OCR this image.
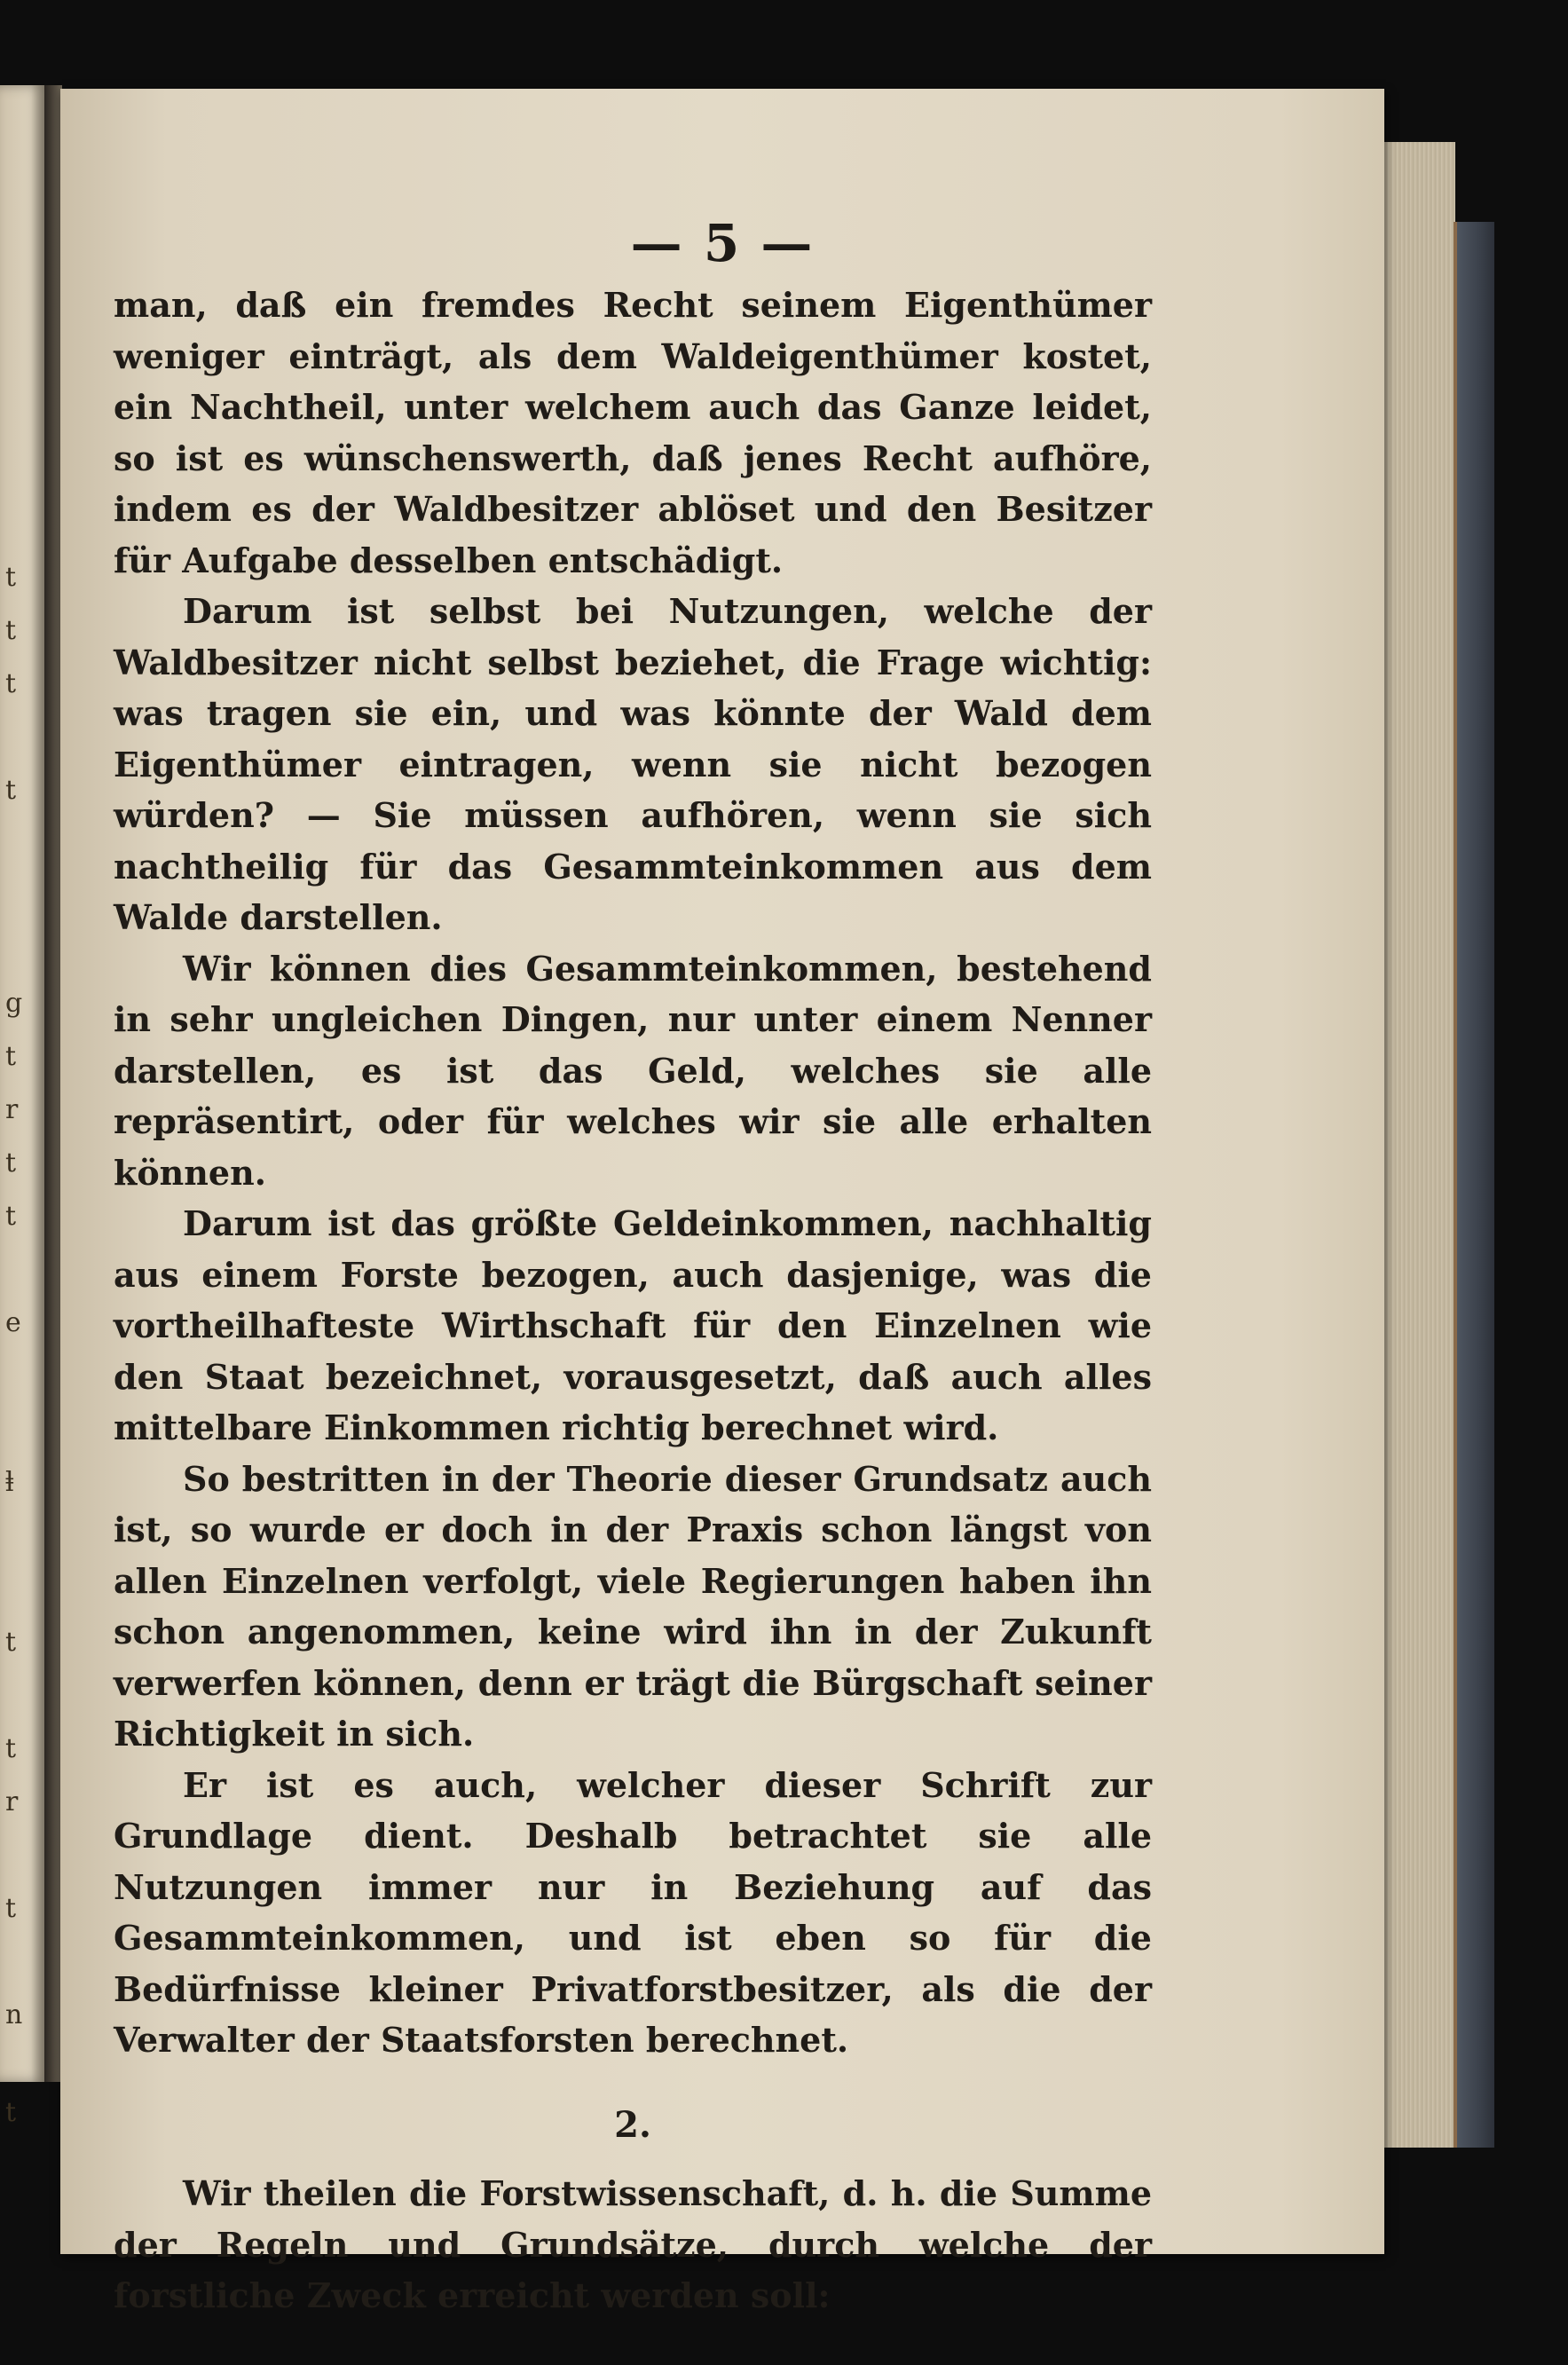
t
t
t
t
g
t
r
t
t
e
ⱡ
t
t
r
t
n
t
— 5 —

man, daß ein fremdes Recht seinem Eigenthümer weniger einträgt, als dem Waldeigenthümer kostet, ein Nachtheil, unter welchem auch das Ganze leidet, so ist es wünschenswerth, daß jenes Recht aufhöre, indem es der Waldbesitzer ablöset und den Besitzer für Aufgabe desselben entschädigt.

Darum ist selbst bei Nutzungen, welche der Waldbesitzer nicht selbst beziehet, die Frage wichtig: was tragen sie ein, und was könnte der Wald dem Eigenthümer eintragen, wenn sie nicht bezogen würden? — Sie müssen aufhören, wenn sie sich nachtheilig für das Gesammteinkommen aus dem Walde darstellen.

Wir können dies Gesammteinkommen, bestehend in sehr ungleichen Dingen, nur unter einem Nenner darstellen, es ist das Geld, welches sie alle repräsentirt, oder für welches wir sie alle erhalten können.

Darum ist das größte Geldeinkommen, nachhaltig aus einem Forste bezogen, auch dasjenige, was die vortheilhafteste Wirthschaft für den Einzelnen wie den Staat bezeichnet, vorausgesetzt, daß auch alles mittelbare Einkommen richtig berechnet wird.

So bestritten in der Theorie dieser Grundsatz auch ist, so wurde er doch in der Praxis schon längst von allen Einzelnen verfolgt, viele Regierungen haben ihn schon angenommen, keine wird ihn in der Zukunft verwerfen können, denn er trägt die Bürgschaft seiner Richtigkeit in sich.

Er ist es auch, welcher dieser Schrift zur Grundlage dient. Deshalb betrachtet sie alle Nutzungen immer nur in Beziehung auf das Gesammteinkommen, und ist eben so für die Bedürfnisse kleiner Privatforstbesitzer, als die der Verwalter der Staatsforsten berechnet.

2.

Wir theilen die Forstwissenschaft, d. h. die Summe der Regeln und Grundsätze, durch welche der forstliche Zweck erreicht werden soll:
